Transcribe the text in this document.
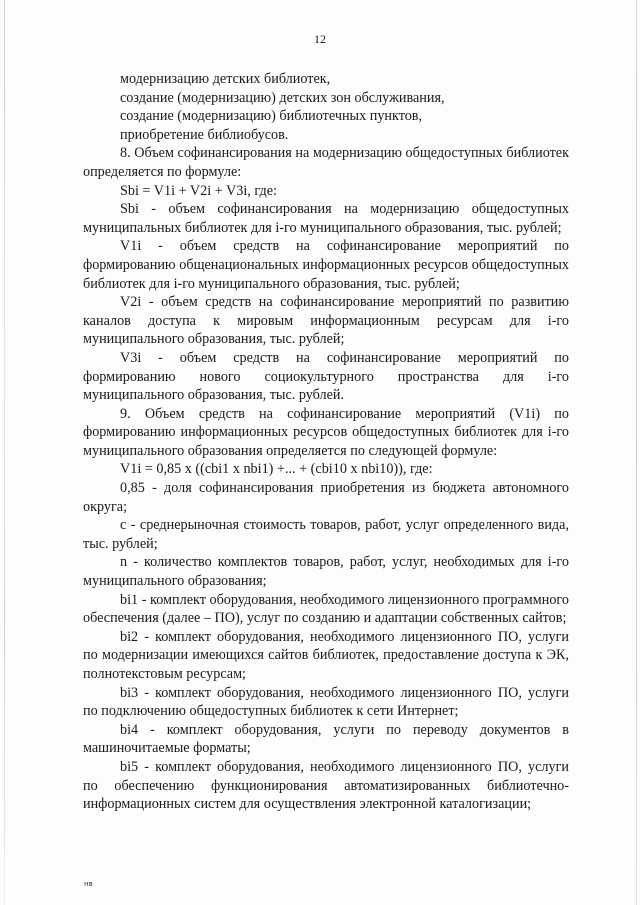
12

модернизацию детских библиотек,

создание (модернизацию) детских зон обслуживания,

создание (модернизацию) библиотечных пунктов,

приобретение библиобусов.

8. Объем софинансирования на модернизацию общедоступных библиотек определяется по формуле:

Sbi = V1i + V2i + V3i, где:

Sbi - объем софинансирования на модернизацию общедоступных муниципальных библиотек для i-го муниципального образования, тыс. рублей;

V1i - объем средств на софинансирование мероприятий по формированию общенациональных информационных ресурсов общедоступных библиотек для i-го муниципального образования, тыс. рублей;

V2i - объем средств на софинансирование мероприятий по развитию каналов доступа к мировым информационным ресурсам для i-го муниципального образования, тыс. рублей;

V3i - объем средств на софинансирование мероприятий по формированию нового социокультурного пространства для i-го муниципального образования, тыс. рублей.

9. Объем средств на софинансирование мероприятий (V1i) по формированию информационных ресурсов общедоступных библиотек для i-го муниципального образования определяется по следующей формуле:

V1i = 0,85 x ((cbi1 x nbi1) +... + (cbi10 x nbi10)), где:

0,85 - доля софинансирования приобретения из бюджета автономного округа;

с - среднерыночная стоимость товаров, работ, услуг определенного вида, тыс. рублей;

n - количество комплектов товаров, работ, услуг, необходимых для i-го муниципального образования;

bi1 - комплект оборудования, необходимого лицензионного программного обеспечения (далее – ПО), услуг по созданию и адаптации собственных сайтов;

bi2 - комплект оборудования, необходимого лицензионного ПО, услуги по модернизации имеющихся сайтов библиотек, предоставление доступа к ЭК, полнотекстовым ресурсам;

bi3 - комплект оборудования, необходимого лицензионного ПО, услуги по подключению общедоступных библиотек к сети Интернет;

bi4 - комплект оборудования, услуги по переводу документов в машиночитаемые форматы;

bi5 - комплект оборудования, необходимого лицензионного ПО, услуги по обеспечению функционирования автоматизированных библиотечно-информационных систем для осуществления электронной каталогизации;

нв
